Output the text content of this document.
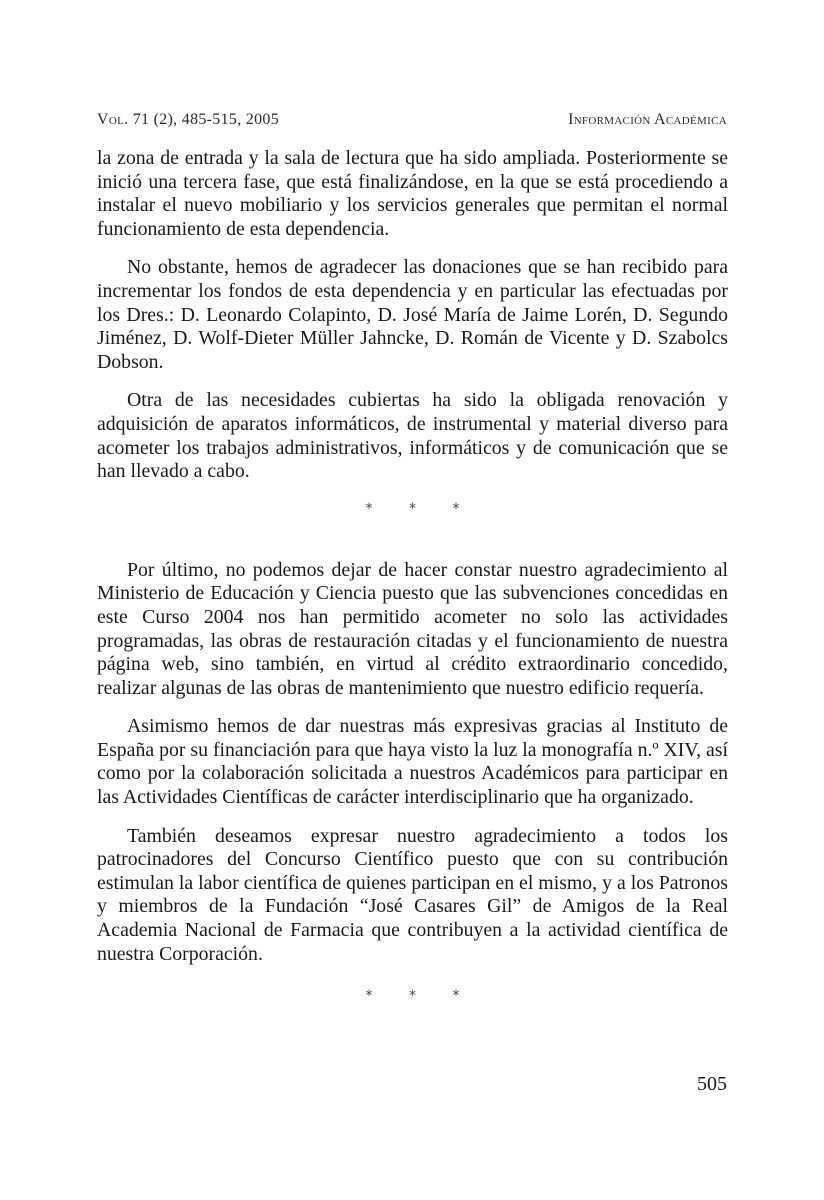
Vol. 71 (2), 485-515, 2005	Información Académica

la zona de entrada y la sala de lectura que ha sido ampliada. Posteriormente se inició una tercera fase, que está finalizándose, en la que se está procediendo a instalar el nuevo mobiliario y los servicios generales que permitan el normal funcionamiento de esta dependencia.

No obstante, hemos de agradecer las donaciones que se han recibido para incrementar los fondos de esta dependencia y en particular las efectuadas por los Dres.: D. Leonardo Colapinto, D. José María de Jaime Lorén, D. Segundo Jiménez, D. Wolf-Dieter Müller Jahncke, D. Román de Vicente y D. Szabolcs Dobson.

Otra de las necesidades cubiertas ha sido la obligada renovación y adquisición de aparatos informáticos, de instrumental y material diverso para acometer los trabajos administrativos, informáticos y de comunicación que se han llevado a cabo.

* * *

Por último, no podemos dejar de hacer constar nuestro agradecimiento al Ministerio de Educación y Ciencia puesto que las subvenciones concedidas en este Curso 2004 nos han permitido acometer no solo las actividades programadas, las obras de restauración citadas y el funcionamiento de nuestra página web, sino también, en virtud al crédito extraordinario concedido, realizar algunas de las obras de mantenimiento que nuestro edificio requería.

Asimismo hemos de dar nuestras más expresivas gracias al Instituto de España por su financiación para que haya visto la luz la monografía n.º XIV, así como por la colaboración solicitada a nuestros Académicos para participar en las Actividades Científicas de carácter interdisciplinario que ha organizado.

También deseamos expresar nuestro agradecimiento a todos los patrocinadores del Concurso Científico puesto que con su contribución estimulan la labor científica de quienes participan en el mismo, y a los Patronos y miembros de la Fundación “José Casares Gil” de Amigos de la Real Academia Nacional de Farmacia que contribuyen a la actividad científica de nuestra Corporación.

* * *
505
